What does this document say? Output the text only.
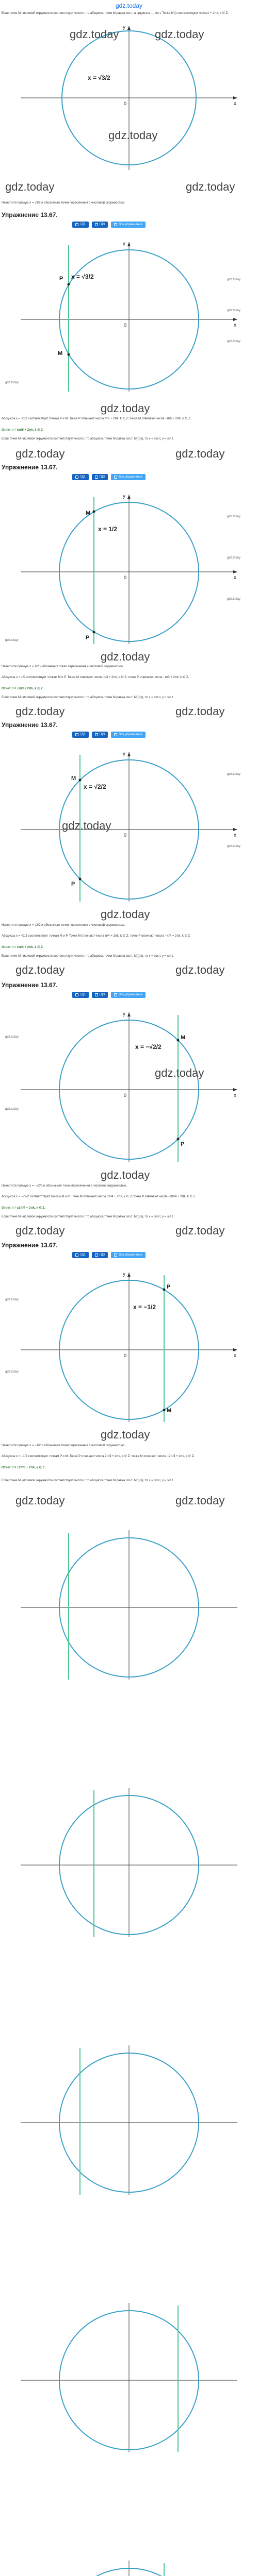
gdz.today
Если точке M числовой окружности соответствует число t, то абсцисса точки M равна cos t, а ордината — sin t. Точке M(t) соответствуют числа t + 2πk, k ∈ Z.
x
y
0
x = √3/2
gdz.today	gdz.today
gdz.today
gdz.today	gdz.today
Начертите прямую x = √3/2 и обозначьте точки пересечения с числовой окружностью.
Упражнение 13.67.
ГДЗ	ГДЗ	Все упражнения
x
y
0
x = √3/2
P
M
gdz.today
gdz.today
gdz.today
gdz.today
gdz.today
Абсцисса x = √3/2 соответствует точкам P и M. Точке P отвечают числа π/6 + 2πk, k ∈ Z; точке M отвечают числа −π/6 + 2πk, k ∈ Z.
Ответ: t = ±π/6 + 2πk, k ∈ Z.
Если точке M числовой окружности соответствует число t, то абсцисса точки M равна cos t: M(t)(x), то x = cos t, y = sin t.
gdz.today	gdz.today
Упражнение 13.67.
ГДЗ	ГДЗ	Все упражнения
x
y
0
x = 1/2
M
P
gdz.today
gdz.today
gdz.today
gdz.today
gdz.today
Начертите прямую x = 1/2 и обозначьте точки пересечения с числовой окружностью.
Абсцисса x = 1/2 соответствует точкам M и P. Точке M отвечают числа π/3 + 2πk, k ∈ Z; точке P отвечают числа −π/3 + 2πk, k ∈ Z.
Ответ: t = ±π/3 + 2πk, k ∈ Z.
Если точке M числовой окружности соответствует число t, то абсцисса точки M равна cos t: M(t)(x), то x = cos t, y = sin t.
gdz.today	gdz.today
Упражнение 13.67.
ГДЗ	ГДЗ	Все упражнения
x
y
0
x = √2/2
M
P
gdz.today
gdz.today
gdz.today
gdz.today
Начертите прямую x = √2/2 и обозначьте точки пересечения с числовой окружностью.
Абсцисса x = √2/2 соответствует точкам M и P. Точке M отвечают числа π/4 + 2πk, k ∈ Z; точке P отвечают числа −π/4 + 2πk, k ∈ Z.
Ответ: t = ±π/4 + 2πk, k ∈ Z.
Если точке M числовой окружности соответствует число t, то абсцисса точки M равна cos t: M(t)(x), то x = cos t, y = sin t.
gdz.today	gdz.today
Упражнение 13.67.
ГДЗ	ГДЗ	Все упражнения
x
y
0
x = −√2/2
M
P
gdz.today
gdz.today
gdz.today
gdz.today
Начертите прямую x = −√2/2 и обозначьте точки пересечения с числовой окружностью.
Абсцисса x = −√2/2 соответствует точкам M и P. Точке M отвечают числа 3π/4 + 2πk, k ∈ Z; точке P отвечают числа −3π/4 + 2πk, k ∈ Z.
Ответ: t = ±3π/4 + 2πk, k ∈ Z.
Если точке M числовой окружности соответствует число t, то абсцисса точки M равна cos t: M(t)(x), то x = cos t, y = sin t.
gdz.today	gdz.today
Упражнение 13.67.
ГДЗ	ГДЗ	Все упражнения
x
y
0
x = −1/2
P
M
gdz.today
gdz.today
gdz.today
Начертите прямую x = −1/2 и обозначьте точки пересечения с числовой окружностью.
Абсцисса x = −1/2 соответствует точкам P и M. Точке P отвечают числа 2π/3 + 2πk, k ∈ Z; точке M отвечают числа −2π/3 + 2πk, k ∈ Z.
Ответ: t = ±2π/3 + 2πk, k ∈ Z.
Если точке M числовой окружности соответствует число t, то абсцисса точки M равна cos t: M(t)(x), то x = cos t, y = sin t.
gdz.today	gdz.today
